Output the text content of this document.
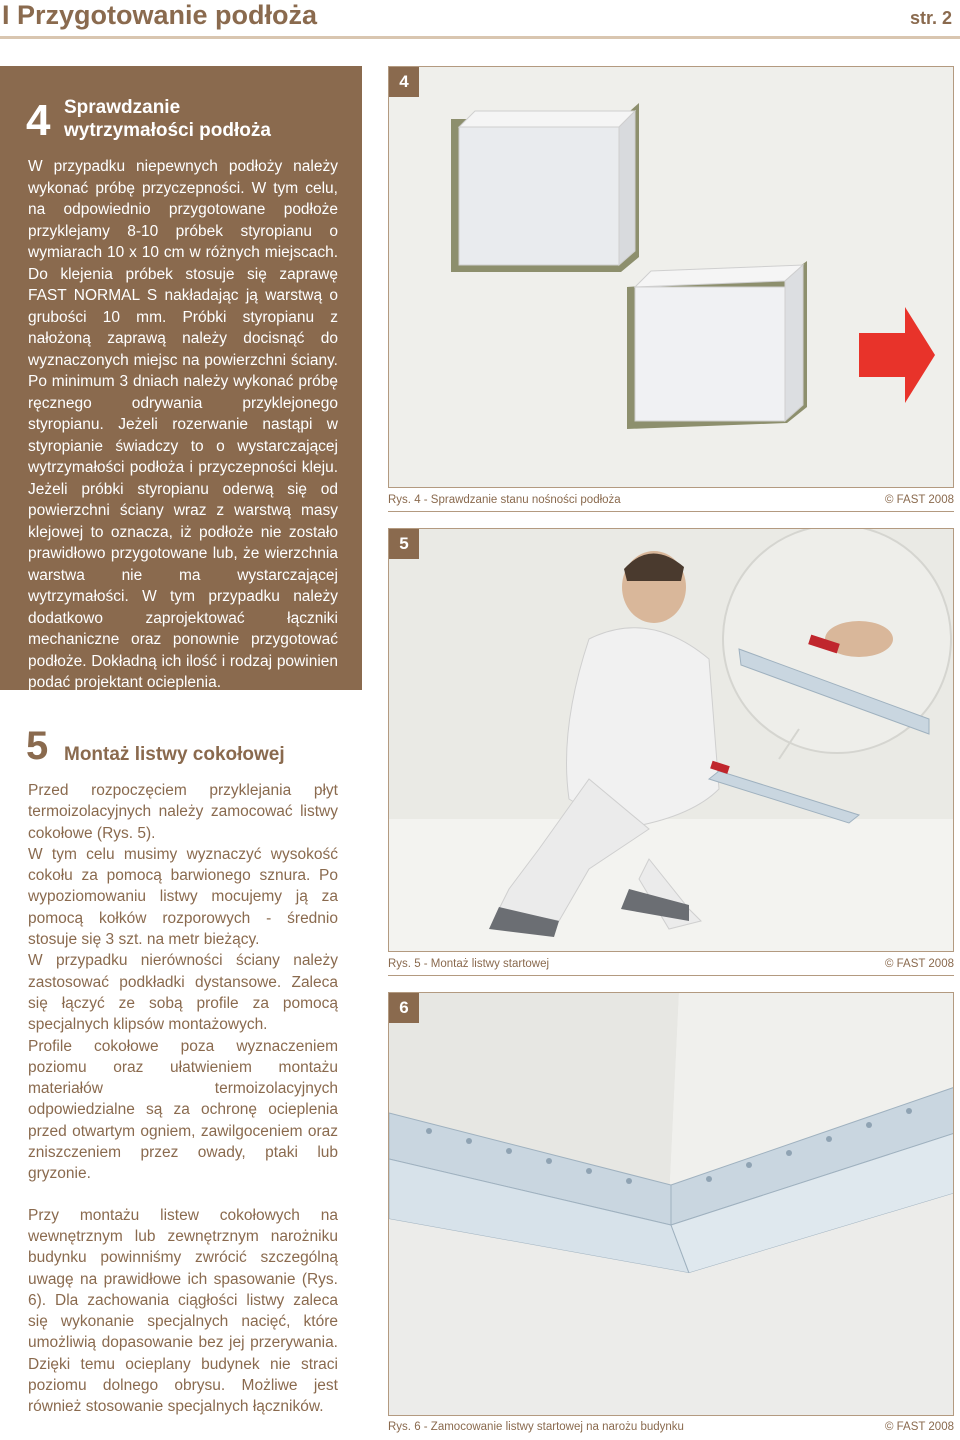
I Przygotowanie podłoża	str. 2
4 Sprawdzanie
wytrzymałości podłoża
W przypadku niepewnych podłoży należy wykonać próbę przyczepności. W tym celu, na odpowiednio przygotowane podłoże przyklejamy 8-10 próbek styropianu o wymiarach 10 x 10 cm w różnych miejscach. Do klejenia próbek stosuje się zaprawę FAST NORMAL S nakładając ją warstwą o grubości 10 mm. Próbki styropianu z nałożoną zaprawą należy docisnąć do wyznaczonych miejsc na powierzchni ściany. Po minimum 3 dniach należy wykonać próbę ręcznego odrywania przyklejonego styropianu. Jeżeli rozerwanie nastąpi w styropianie świadczy to o wystarczającej wytrzymałości podłoża i przyczepności kleju. Jeżeli próbki styropianu oderwą się od powierzchni ściany wraz z warstwą masy klejowej to oznacza, iż podłoże nie zostało prawidłowo przygotowane lub, że wierzchnia warstwa nie ma wystarczającej wytrzymałości. W tym przypadku należy dodatkowo zaprojektować łączniki mechaniczne oraz ponownie przygotować podłoże. Dokładną ich ilość i rodzaj powinien podać projektant ocieplenia.
5 Montaż listwy cokołowej

Przed rozpoczęciem przyklejania płyt termoizolacyjnych należy zamocować listwy cokołowe (Rys. 5).

W tym celu musimy wyznaczyć wysokość cokołu za pomocą barwionego sznura. Po wypoziomowaniu listwy mocujemy ją za pomocą kołków rozporowych - średnio stosuje się 3 szt. na metr bieżący.

W przypadku nierówności ściany należy zastosować podkładki dystansowe. Zaleca się łączyć ze sobą profile za pomocą specjalnych klipsów montażowych.

Profile cokołowe poza wyznaczeniem poziomu oraz ułatwieniem montażu materiałów termoizolacyjnych odpowiedzialne są za ochronę ocieplenia przed otwartym ogniem, zawilgoceniem oraz zniszczeniem przez owady, ptaki lub gryzonie.

Przy montażu listew cokołowych na wewnętrznym lub zewnętrznym narożniku budynku powinniśmy zwrócić szczególną uwagę na prawidłowe ich spasowanie (Rys. 6). Dla zachowania ciągłości listwy zaleca się wykonanie specjalnych nacięć, które umożliwią dopasowanie bez jej przerywania. Dzięki temu ocieplany budynek nie straci poziomu dolnego obrysu. Możliwe jest również stosowanie specjalnych łączników.

4
Rys. 4 - Sprawdzanie stanu nośności podłoża	© FAST 2008
5
Rys. 5 - Montaż listwy startowej	© FAST 2008
6
Rys. 6 - Zamocowanie listwy startowej na narożu budynku	© FAST 2008
